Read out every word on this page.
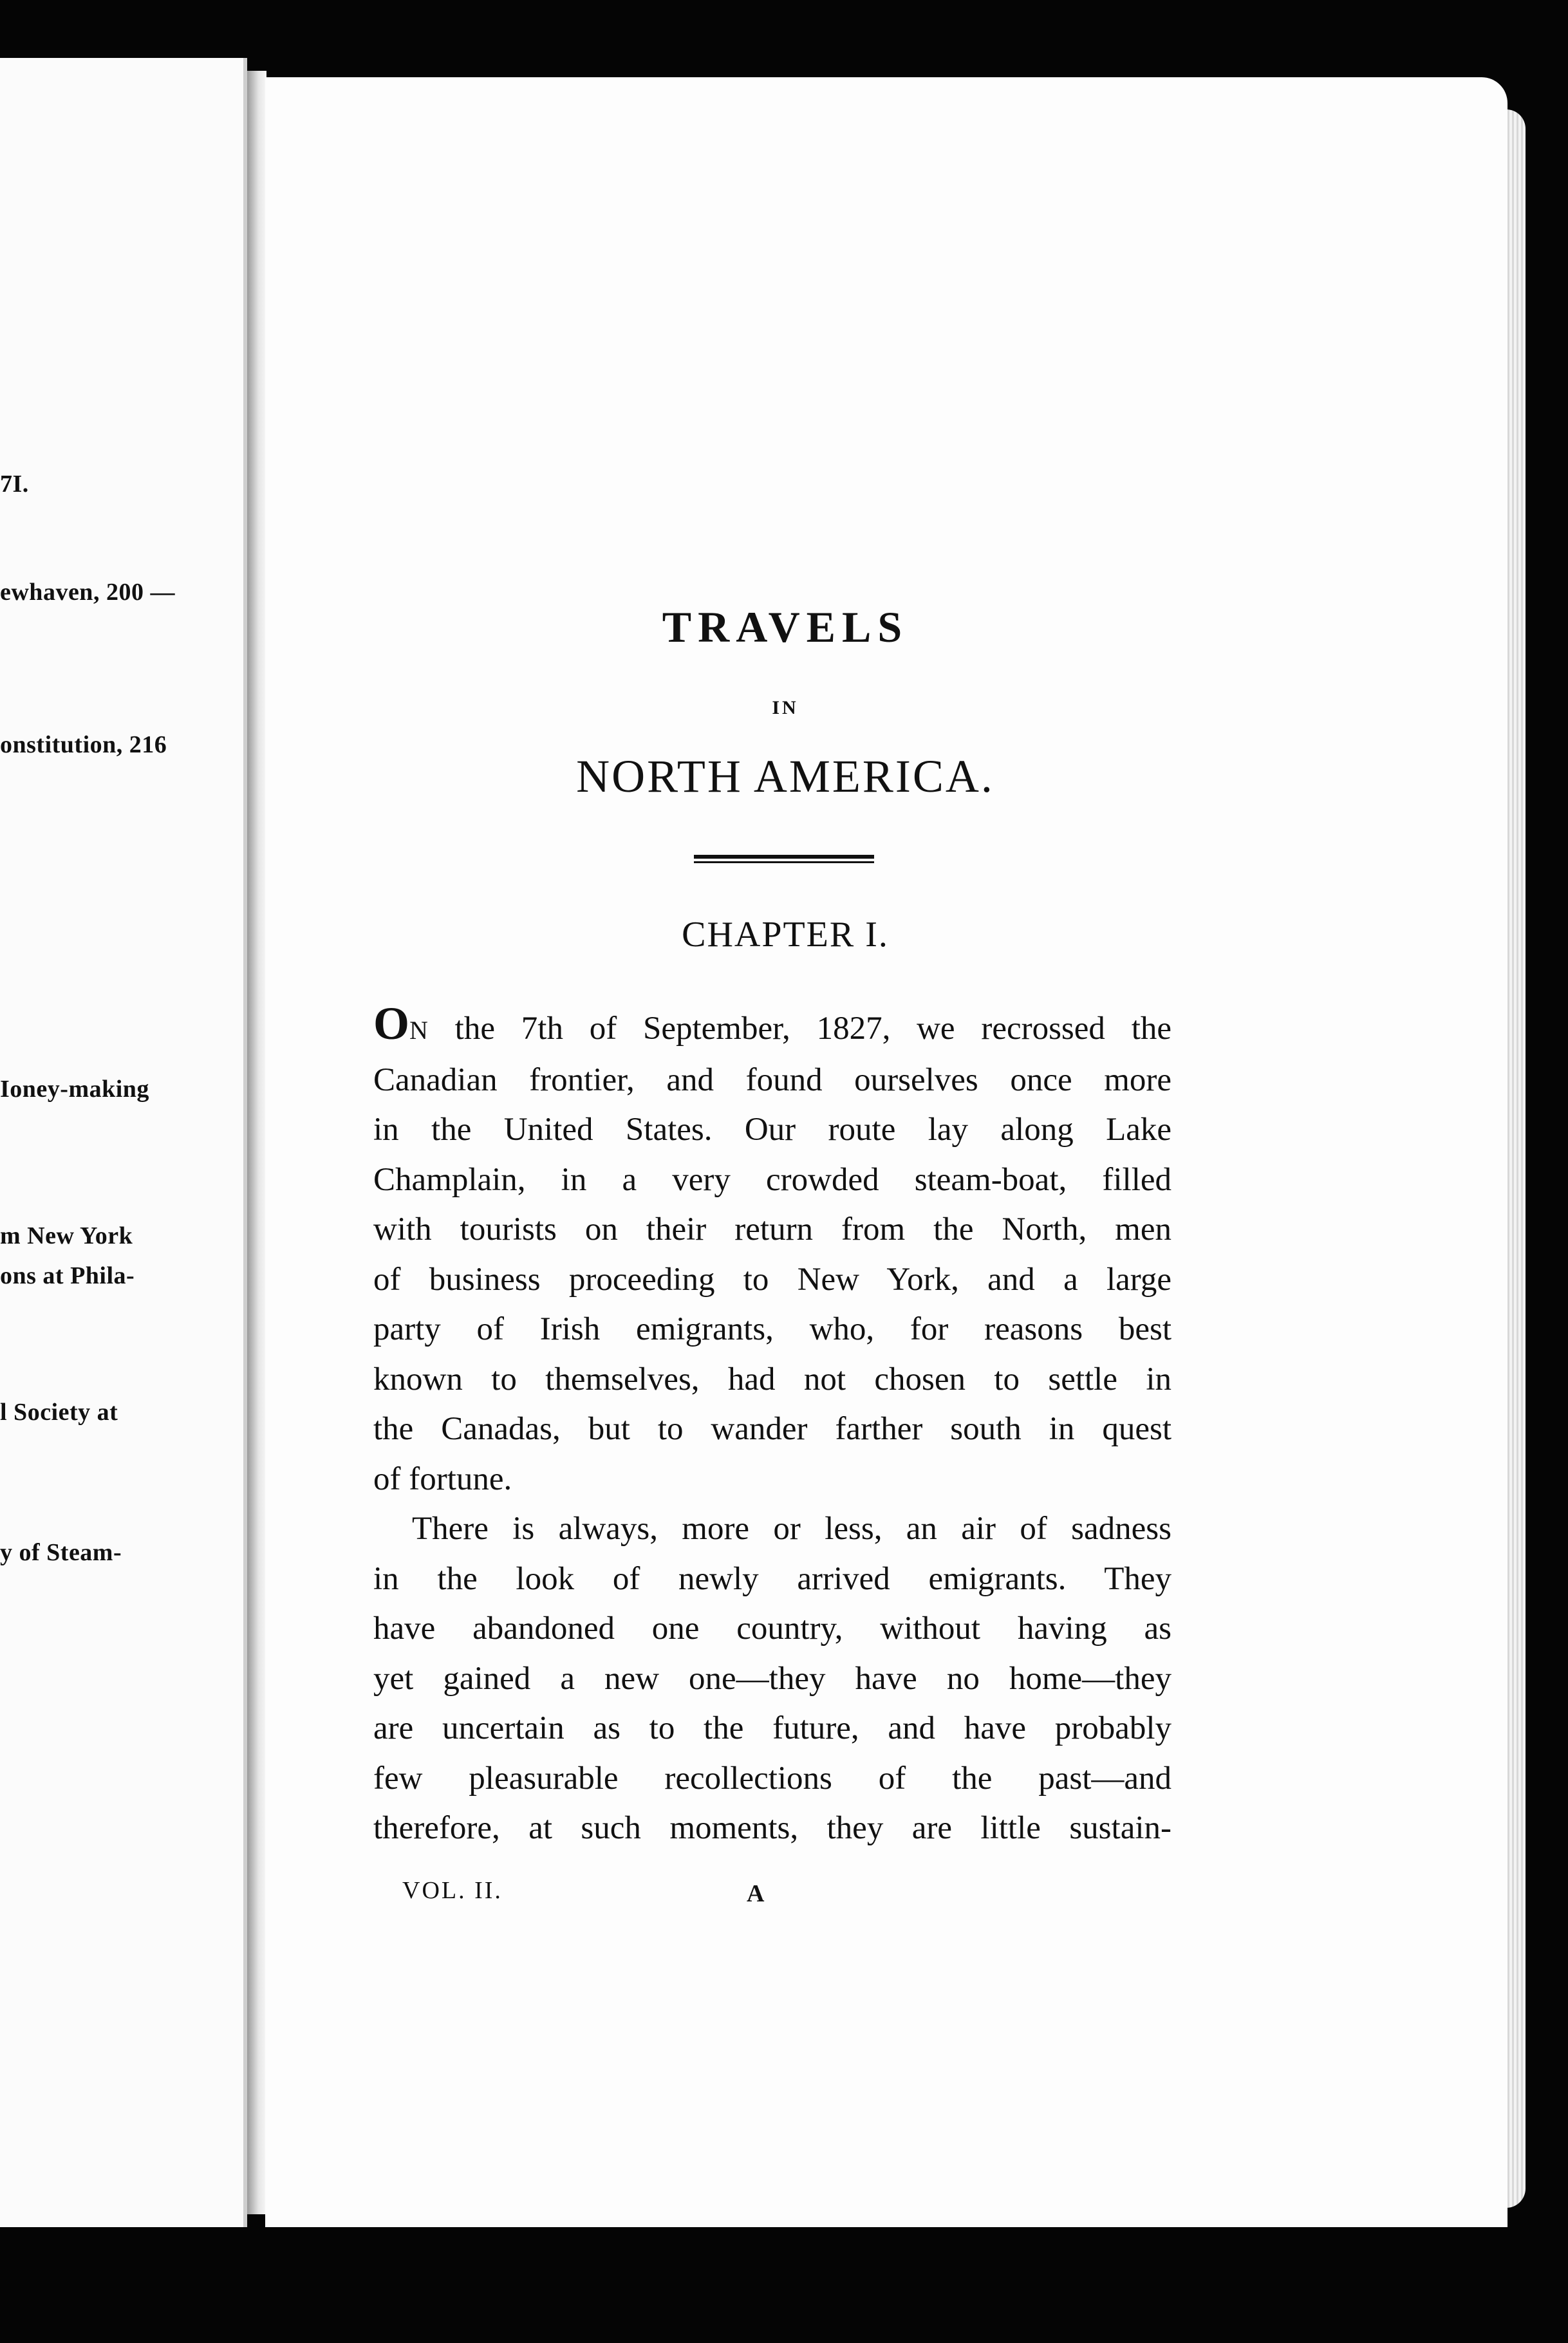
7I.
ewhaven, 200 —
onstitution, 216
Ioney-making
m New York
ons at Phila-
l Society at
y of Steam-
TRAVELS
IN
NORTH AMERICA.
CHAPTER I.
ON the 7th of September, 1827, we recrossed the
Canadian frontier, and found ourselves once more
in the United States. Our route lay along Lake
Champlain, in a very crowded steam-boat, filled
with tourists on their return from the North, men
of business proceeding to New York, and a large
party of Irish emigrants, who, for reasons best
known to themselves, had not chosen to settle in
the Canadas, but to wander farther south in quest
of fortune.
There is always, more or less, an air of sadness
in the look of newly arrived emigrants. They
have abandoned one country, without having as
yet gained a new one—they have no home—they
are uncertain as to the future, and have probably
few pleasurable recollections of the past—and
therefore, at such moments, they are little sustain-
VOL. II.	A
